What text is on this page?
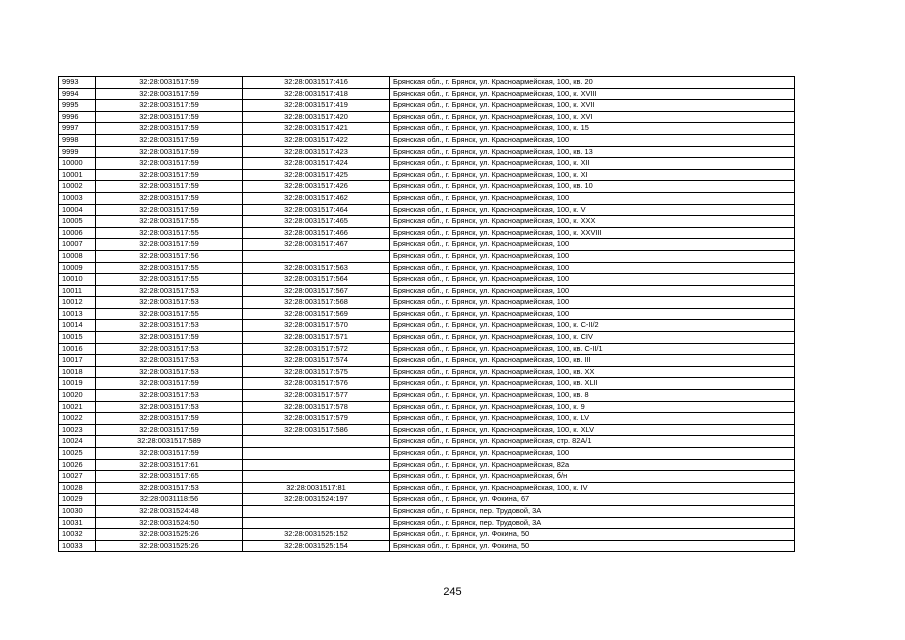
9993	32:28:0031517:59	32:28:0031517:416	Брянская обл., г. Брянск, ул. Красноармейская, 100, кв. 20
9994	32:28:0031517:59	32:28:0031517:418	Брянская обл., г. Брянск, ул. Красноармейская, 100, к. XVIII
9995	32:28:0031517:59	32:28:0031517:419	Брянская обл., г. Брянск, ул. Красноармейская, 100, к. XVII
9996	32:28:0031517:59	32:28:0031517:420	Брянская обл., г. Брянск, ул. Красноармейская, 100, к. XVI
9997	32:28:0031517:59	32:28:0031517:421	Брянская обл., г. Брянск, ул. Красноармейская, 100, к. 15
9998	32:28:0031517:59	32:28:0031517:422	Брянская обл., г. Брянск, ул. Красноармейская, 100
9999	32:28:0031517:59	32:28:0031517:423	Брянская обл., г. Брянск, ул. Красноармейская, 100, кв. 13
10000	32:28:0031517:59	32:28:0031517:424	Брянская обл., г. Брянск, ул. Красноармейская, 100, к. XII
10001	32:28:0031517:59	32:28:0031517:425	Брянская обл., г. Брянск, ул. Красноармейская, 100, к. XI
10002	32:28:0031517:59	32:28:0031517:426	Брянская обл., г. Брянск, ул. Красноармейская, 100, кв. 10
10003	32:28:0031517:59	32:28:0031517:462	Брянская обл., г. Брянск, ул. Красноармейская, 100
10004	32:28:0031517:59	32:28:0031517:464	Брянская обл., г. Брянск, ул. Красноармейская, 100, к. V
10005	32:28:0031517:55	32:28:0031517:465	Брянская обл., г. Брянск, ул. Красноармейская, 100, к. XXX
10006	32:28:0031517:55	32:28:0031517:466	Брянская обл., г. Брянск, ул. Красноармейская, 100, к. XXVIII
10007	32:28:0031517:59	32:28:0031517:467	Брянская обл., г. Брянск, ул. Красноармейская, 100
10008	32:28:0031517:56		Брянская обл., г. Брянск, ул. Красноармейская, 100
10009	32:28:0031517:55	32:28:0031517:563	Брянская обл., г. Брянск, ул. Красноармейская, 100
10010	32:28:0031517:55	32:28:0031517:564	Брянская обл., г. Брянск, ул. Красноармейская, 100
10011	32:28:0031517:53	32:28:0031517:567	Брянская обл., г. Брянск, ул. Красноармейская, 100
10012	32:28:0031517:53	32:28:0031517:568	Брянская обл., г. Брянск, ул. Красноармейская, 100
10013	32:28:0031517:55	32:28:0031517:569	Брянская обл., г. Брянск, ул. Красноармейская, 100
10014	32:28:0031517:53	32:28:0031517:570	Брянская обл., г. Брянск, ул. Красноармейская, 100, к. С-II/2
10015	32:28:0031517:59	32:28:0031517:571	Брянская обл., г. Брянск, ул. Красноармейская, 100, к. CIV
10016	32:28:0031517:53	32:28:0031517:572	Брянская обл., г. Брянск, ул. Красноармейская, 100, кв. С-II/1
10017	32:28:0031517:53	32:28:0031517:574	Брянская обл., г. Брянск, ул. Красноармейская, 100, кв. III
10018	32:28:0031517:53	32:28:0031517:575	Брянская обл., г. Брянск, ул. Красноармейская, 100, кв. XX
10019	32:28:0031517:59	32:28:0031517:576	Брянская обл., г. Брянск, ул. Красноармейская, 100, кв. XLII
10020	32:28:0031517:53	32:28:0031517:577	Брянская обл., г. Брянск, ул. Красноармейская, 100, кв. 8
10021	32:28:0031517:53	32:28:0031517:578	Брянская обл., г. Брянск, ул. Красноармейская, 100, к. 9
10022	32:28:0031517:59	32:28:0031517:579	Брянская обл., г. Брянск, ул. Красноармейская, 100, к. LV
10023	32:28:0031517:59	32:28:0031517:586	Брянская обл., г. Брянск, ул. Красноармейская, 100, к. XLV
10024	32:28:0031517:589		Брянская обл., г. Брянск, ул. Красноармейская, стр. 82А/1
10025	32:28:0031517:59		Брянская обл., г. Брянск, ул. Красноармейская, 100
10026	32:28:0031517:61		Брянская обл., г. Брянск, ул. Красноармейская, 82а
10027	32:28:0031517:65		Брянская обл., г. Брянск, ул. Красноармейская, б/н
10028	32:28:0031517:53	32:28:0031517:81	Брянская обл., г. Брянск, ул. Красноармейская, 100, к. IV
10029	32:28:0031118:56	32:28:0031524:197	Брянская обл., г. Брянск, ул. Фокина, 67
10030	32:28:0031524:48		Брянская обл., г. Брянск, пер. Трудовой, 3А
10031	32:28:0031524:50		Брянская обл., г. Брянск, пер. Трудовой, 3А
10032	32:28:0031525:26	32:28:0031525:152	Брянская обл., г. Брянск, ул. Фокина, 50
10033	32:28:0031525:26	32:28:0031525:154	Брянская обл., г. Брянск, ул. Фокина, 50
245
